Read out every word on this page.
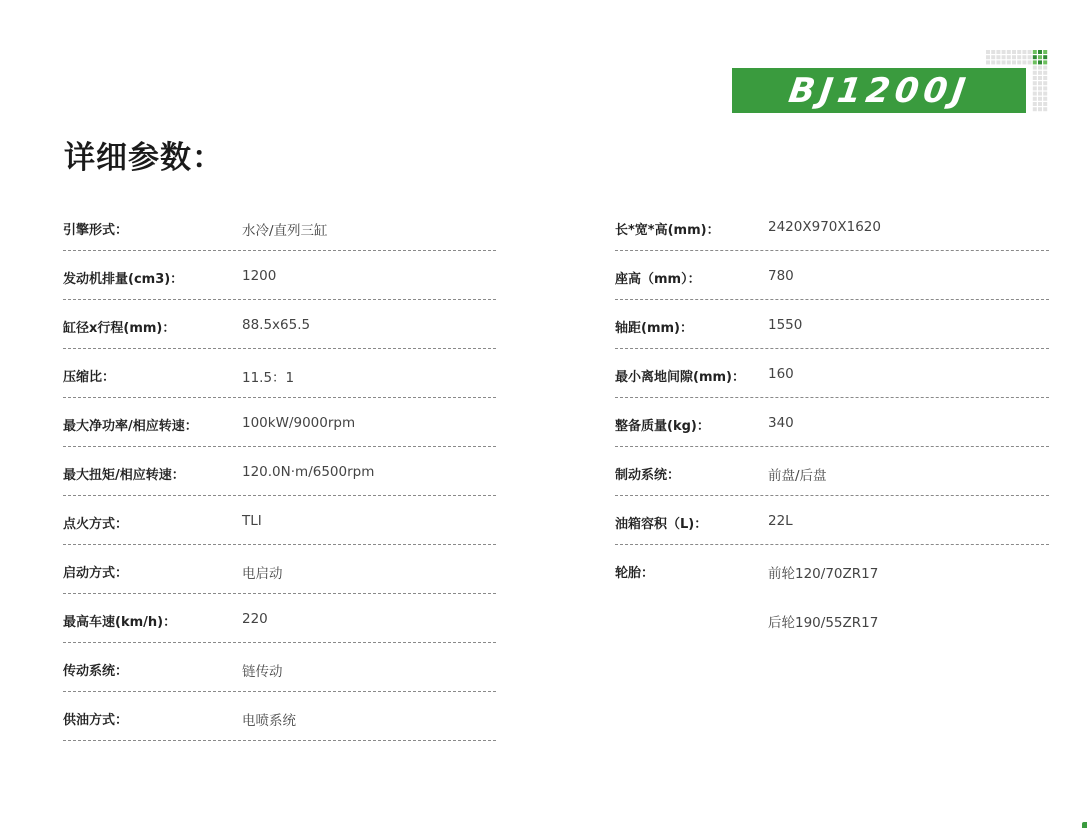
BJ1200J
详细参数：
引擎形式：	水冷/直列三缸
发动机排量(cm3)：	1200
缸径x行程(mm)：	88.5x65.5
压缩比：	11.5：1
最大净功率/相应转速：	100kW/9000rpm
最大扭矩/相应转速：	120.0N·m/6500rpm
点火方式：	TLI
启动方式：	电启动
最高车速(km/h)：	220
传动系统：	链传动
供油方式：	电喷系统
长*宽*高(mm)：	2420X970X1620
座高（mm）：	780
轴距(mm)：	1550
最小离地间隙(mm)： 160
整备质量(kg)：	340
制动系统：	前盘/后盘
油箱容积（L)：	22L
轮胎：	前轮120/70ZR17
后轮190/55ZR17
